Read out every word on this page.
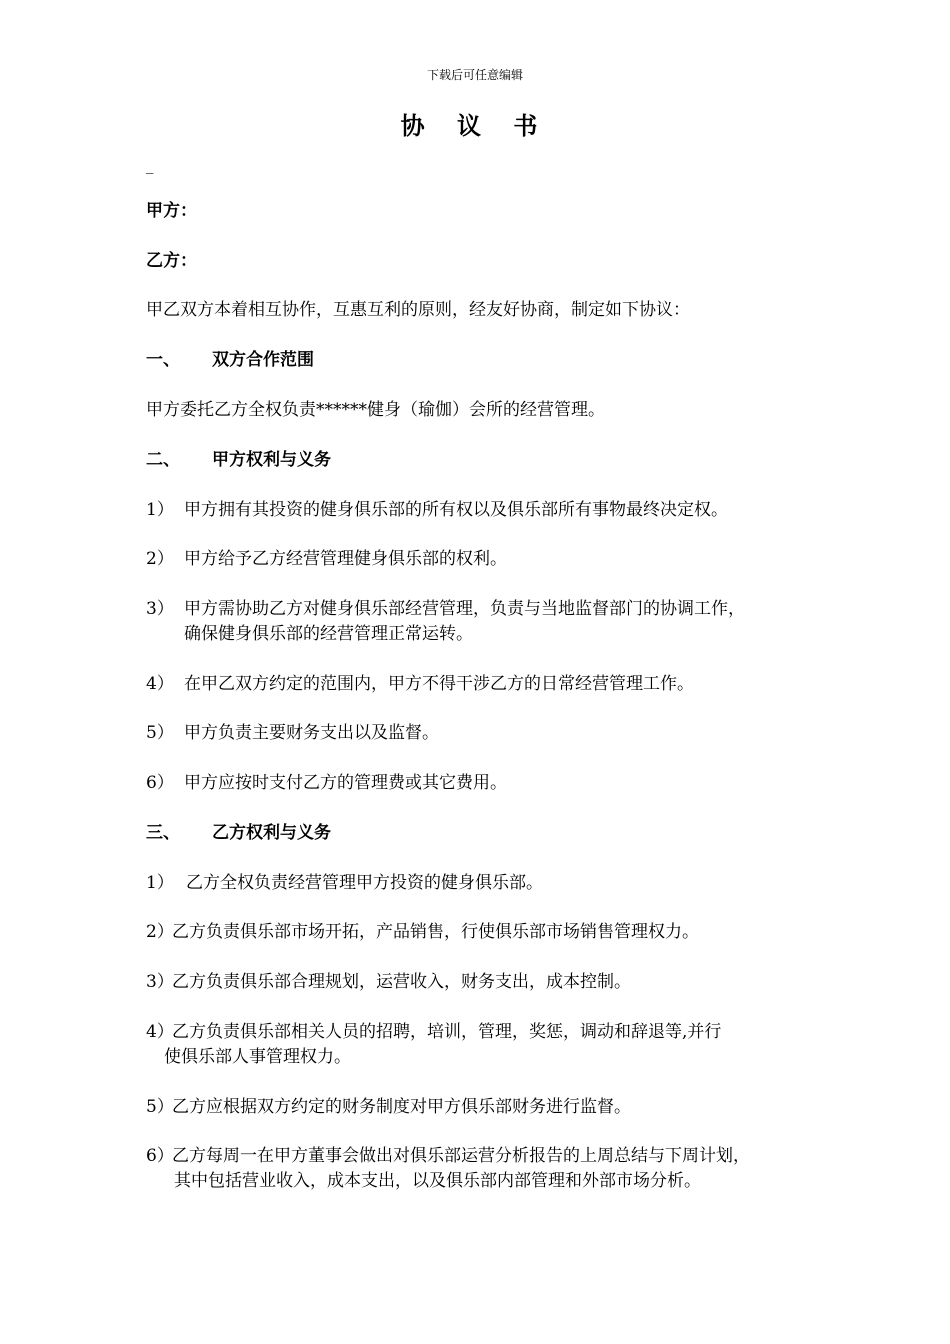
下载后可任意编辑
协 议 书
_
甲方：
乙方：
甲乙双方本着相互协作，互惠互利的原则，经友好协商，制定如下协议：
一、 双方合作范围
甲方委托乙方全权负责******健身（瑜伽）会所的经营管理。
二、 甲方权利与义务
1） 甲方拥有其投资的健身俱乐部的所有权以及俱乐部所有事物最终决定权。
2） 甲方给予乙方经营管理健身俱乐部的权利。
3） 甲方需协助乙方对健身俱乐部经营管理，负责与当地监督部门的协调工作，
确保健身俱乐部的经营管理正常运转。
4） 在甲乙双方约定的范围内，甲方不得干涉乙方的日常经营管理工作。
5） 甲方负责主要财务支出以及监督。
6） 甲方应按时支付乙方的管理费或其它费用。
三、 乙方权利与义务
1） 乙方全权负责经营管理甲方投资的健身俱乐部。
2）乙方负责俱乐部市场开拓，产品销售，行使俱乐部市场销售管理权力。
3）乙方负责俱乐部合理规划，运营收入，财务支出，成本控制。
4）乙方负责俱乐部相关人员的招聘，培训，管理，奖惩，调动和辞退等,并行
使俱乐部人事管理权力。
5）乙方应根据双方约定的财务制度对甲方俱乐部财务进行监督。
6）乙方每周一在甲方董事会做出对俱乐部运营分析报告的上周总结与下周计划，
其中包括营业收入，成本支出，以及俱乐部内部管理和外部市场分析。
